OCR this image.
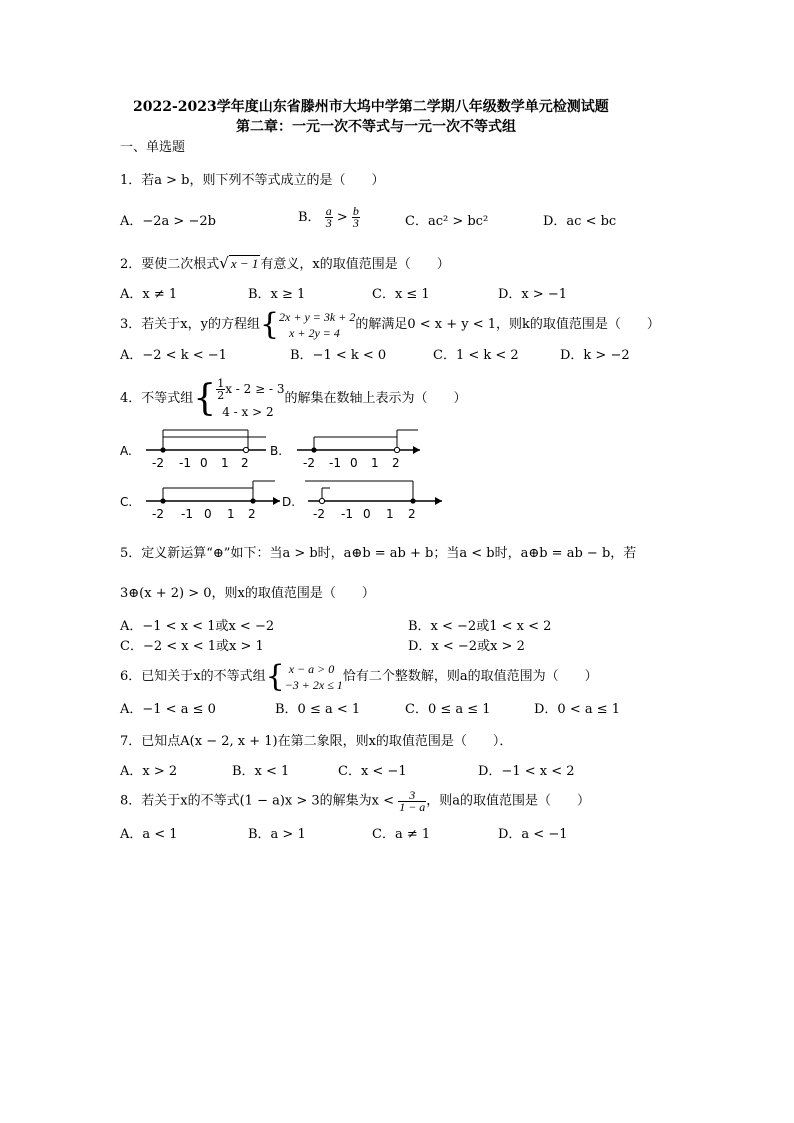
2022-2023学年度山东省滕州市大坞中学第二学期八年级数学单元检测试题
第二章：一元一次不等式与一元一次不等式组
一、单选题
1．若a > b，则下列不等式成立的是（　　）
A．−2a > −2b	B． $\frac{a}{3} > \frac{b}{3}$	C．ac² > bc²	D．ac < bc
2．要使二次根式√ x − 1 有意义，x的取值范围是（　　）
A．x ≠ 1	B．x ≥ 1	C．x ≤ 1	D．x > −1
3．若关于x，y的方程组{ 2x + y = 3k + 2
x + 2y = 4
的解满足0 < x + y < 1，则k的取值范围是（　　）
A．−2 < k < −1	B．−1 < k < 0	C．1 < k < 2	D．k > −2
4．不等式组{ $\frac{1}{2}$ x - 2 ≥ - 3
4 - x > 2
的解集在数轴上表示为（　　）
A.
-2 -1 0 1 2
B.
-2 -1 0 1 2
C.
-2 -1 0 1 2
D.
-2 -1 0 1 2
5．定义新运算“⊕”如下：当a > b时，a⊕b = ab + b；当a < b时，a⊕b = ab − b，若
3⊕(x + 2) > 0，则x的取值范围是（　　）
A．−1 < x < 1或x < −2	B．x < −2或1 < x < 2
C．−2 < x < 1或x > 1	D．x < −2或x > 2
6．已知关于x的不等式组{ x − a > 0
−3 + 2x ≤ 1
恰有二个整数解，则a的取值范围为（　　）
A．−1 < a ≤ 0	B．0 ≤ a < 1	C．0 ≤ a ≤ 1	D．0 < a ≤ 1
7．已知点A(x − 2, x + 1)在第二象限，则x的取值范围是（　　）．
A．x > 2	B．x < 1	C．x < −1	D．−1 < x < 2
8．若关于x的不等式(1 − a)x > 3的解集为$x < \frac{3}{1 - a}$ ，则a的取值范围是（　　）
A．a < 1	B．a > 1	C．a ≠ 1	D．a < −1
